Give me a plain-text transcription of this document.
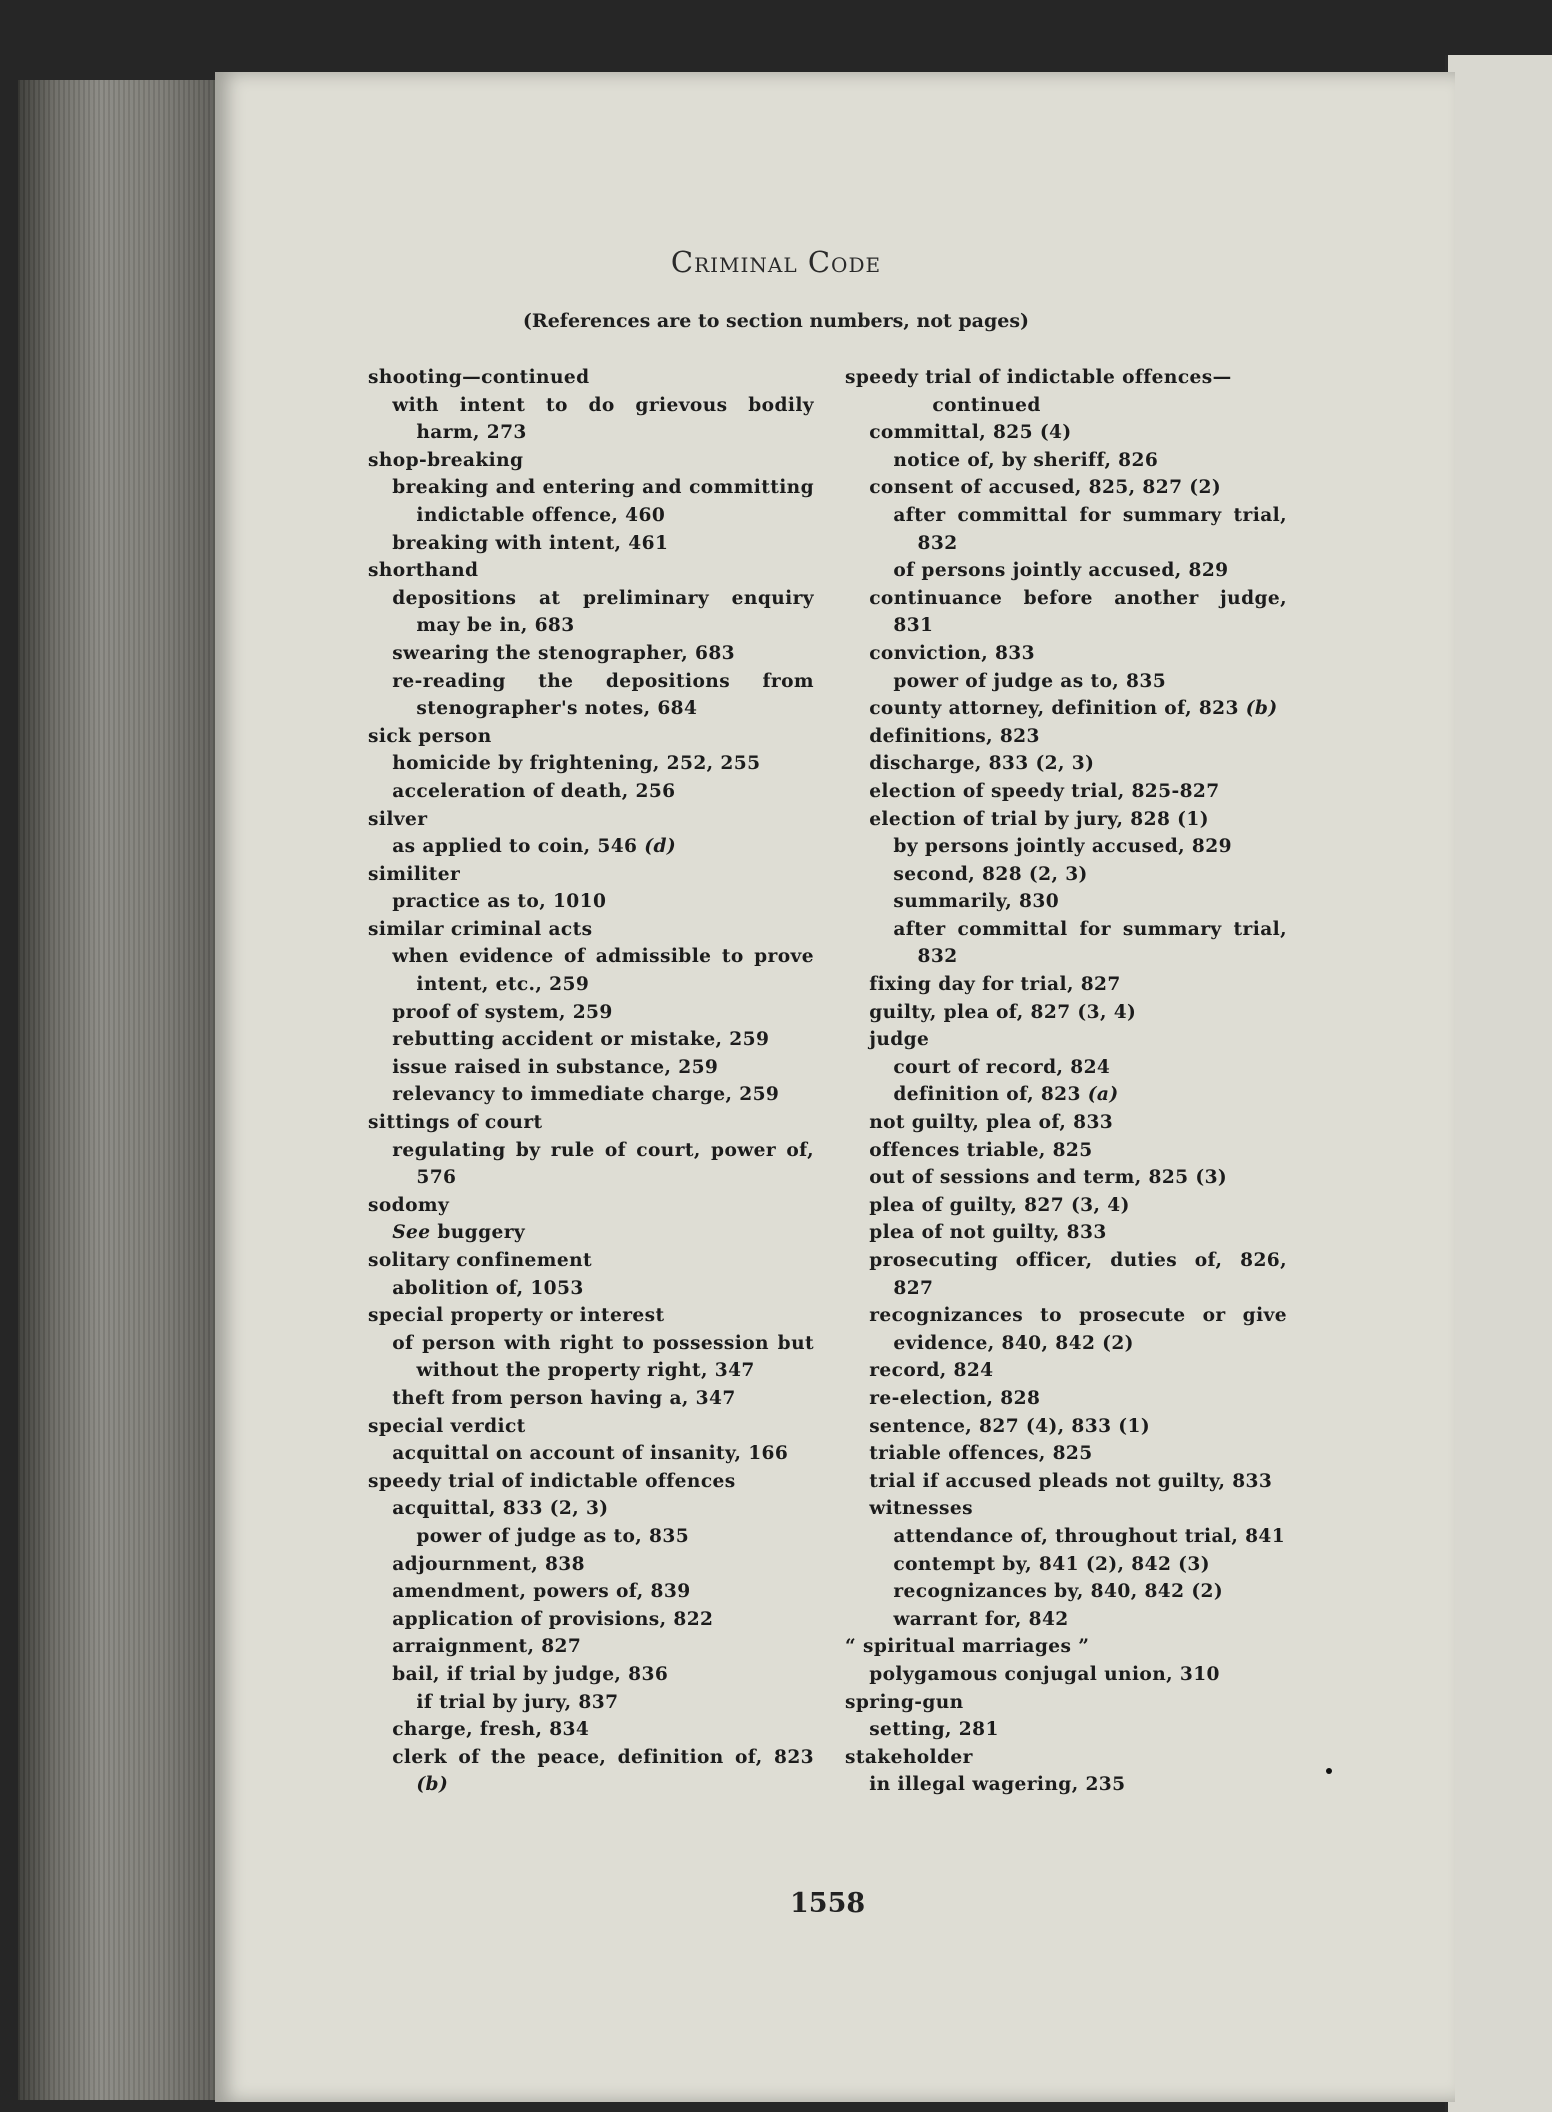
Criminal Code
(References are to section numbers, not pages)

shooting—continued

with intent to do grievous bodily harm, 273

shop-breaking

breaking and entering and committing indictable offence, 460

breaking with intent, 461

shorthand

depositions at preliminary enquiry may be in, 683

swearing the stenographer, 683

re-reading the depositions from stenographer's notes, 684

sick person

homicide by frightening, 252, 255

acceleration of death, 256

silver

as applied to coin, 546 (d)

similiter

practice as to, 1010

similar criminal acts

when evidence of admissible to prove intent, etc., 259

proof of system, 259

rebutting accident or mistake, 259

issue raised in substance, 259

relevancy to immediate charge, 259

sittings of court

regulating by rule of court, power of, 576

sodomy

See buggery

solitary confinement

abolition of, 1053

special property or interest

of person with right to possession but without the property right, 347

theft from person having a, 347

special verdict

acquittal on account of insanity, 166

speedy trial of indictable offences

acquittal, 833 (2, 3)

power of judge as to, 835

adjournment, 838

amendment, powers of, 839

application of provisions, 822

arraignment, 827

bail, if trial by judge, 836

if trial by jury, 837

charge, fresh, 834

clerk of the peace, definition of, 823 (b)

speedy trial of indictable offences—

continued

committal, 825 (4)

notice of, by sheriff, 826

consent of accused, 825, 827 (2)

after committal for summary trial, 832

of persons jointly accused, 829

continuance before another judge, 831

conviction, 833

power of judge as to, 835

county attorney, definition of, 823 (b)

definitions, 823

discharge, 833 (2, 3)

election of speedy trial, 825-827

election of trial by jury, 828 (1)

by persons jointly accused, 829

second, 828 (2, 3)

summarily, 830

after committal for summary trial, 832

fixing day for trial, 827

guilty, plea of, 827 (3, 4)

judge

court of record, 824

definition of, 823 (a)

not guilty, plea of, 833

offences triable, 825

out of sessions and term, 825 (3)

plea of guilty, 827 (3, 4)

plea of not guilty, 833

prosecuting officer, duties of, 826, 827

recognizances to prosecute or give evidence, 840, 842 (2)

record, 824

re-election, 828

sentence, 827 (4), 833 (1)

triable offences, 825

trial if accused pleads not guilty, 833

witnesses

attendance of, throughout trial, 841

contempt by, 841 (2), 842 (3)

recognizances by, 840, 842 (2)

warrant for, 842

“ spiritual marriages ”

polygamous conjugal union, 310

spring-gun

setting, 281

stakeholder

in illegal wagering, 235

1558
